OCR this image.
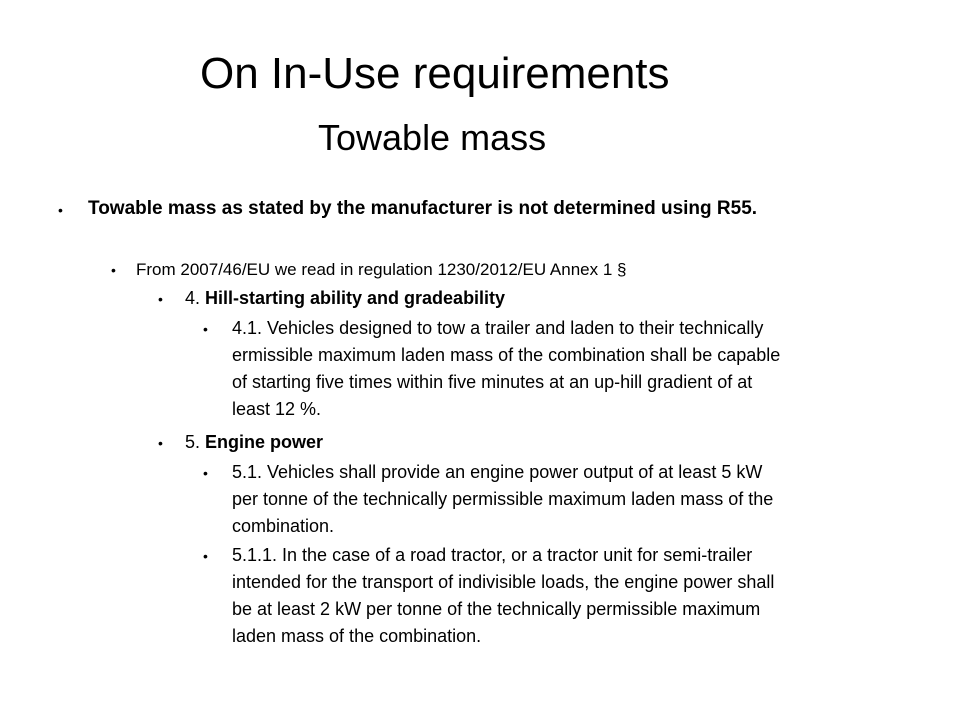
On In-Use requirements
Towable mass
• Towable mass as stated by the manufacturer is not determined using R55.
• From 2007/46/EU we read in regulation 1230/2012/EU Annex 1 §
• 4. Hill-starting ability and gradeability
• 4.1. Vehicles designed to tow a trailer and laden to their technically
ermissible maximum laden mass of the combination shall be capable
of starting five times within five minutes at an up-hill gradient of at
least 12 %.
• 5. Engine power
• 5.1. Vehicles shall provide an engine power output of at least 5 kW
per tonne of the technically permissible maximum laden mass of the
combination.
• 5.1.1. In the case of a road tractor, or a tractor unit for semi-trailer
intended for the transport of indivisible loads, the engine power shall
be at least 2 kW per tonne of the technically permissible maximum
laden mass of the combination.
